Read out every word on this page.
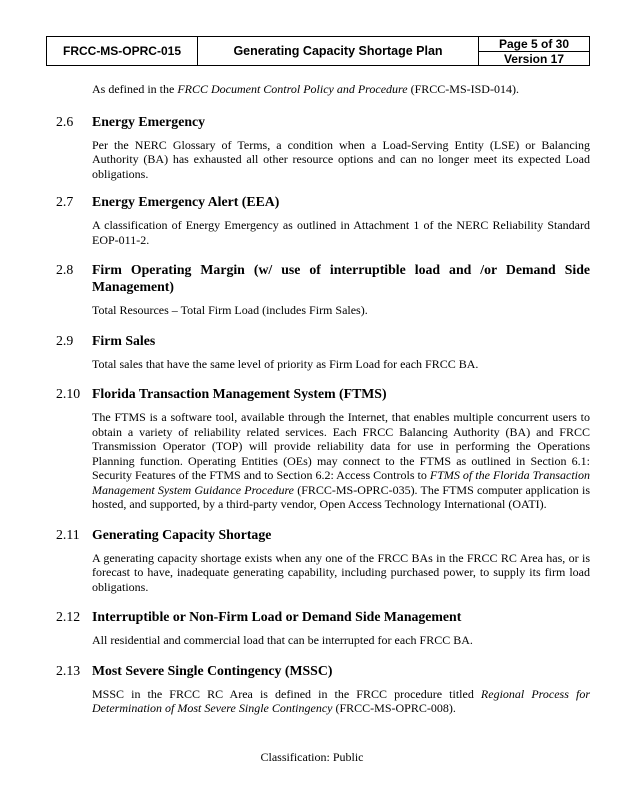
FRCC-MS-OPRC-015	Generating Capacity Shortage Plan	Page 5 of 30
Version 17

As defined in the FRCC Document Control Policy and Procedure (FRCC-MS-ISD-014).

2.6	Energy Emergency

Per the NERC Glossary of Terms, a condition when a Load-Serving Entity (LSE) or Balancing Authority (BA) has exhausted all other resource options and can no longer meet its expected Load obligations.

2.7	Energy Emergency Alert (EEA)

A classification of Energy Emergency as outlined in Attachment 1 of the NERC Reliability Standard EOP-011-2.

2.8	Firm Operating Margin (w/ use of interruptible load and /or Demand Side Management)

Total Resources – Total Firm Load (includes Firm Sales).

2.9	Firm Sales

Total sales that have the same level of priority as Firm Load for each FRCC BA.

2.10 Florida Transaction Management System (FTMS)

The FTMS is a software tool, available through the Internet, that enables multiple concurrent users to obtain a variety of reliability related services. Each FRCC Balancing Authority (BA) and FRCC Transmission Operator (TOP) will provide reliability data for use in performing the Operations Planning function. Operating Entities (OEs) may connect to the FTMS as outlined in Section 6.1: Security Features of the FTMS and to Section 6.2: Access Controls to FTMS of the Florida Transaction Management System Guidance Procedure (FRCC-MS-OPRC-035). The FTMS computer application is hosted, and supported, by a third-party vendor, Open Access Technology International (OATI).

2.11 Generating Capacity Shortage

A generating capacity shortage exists when any one of the FRCC BAs in the FRCC RC Area has, or is forecast to have, inadequate generating capability, including purchased power, to supply its firm load obligations.

2.12 Interruptible or Non-Firm Load or Demand Side Management

All residential and commercial load that can be interrupted for each FRCC BA.

2.13 Most Severe Single Contingency (MSSC)

MSSC in the FRCC RC Area is defined in the FRCC procedure titled Regional Process for Determination of Most Severe Single Contingency (FRCC-MS-OPRC-008).

Classification: Public
